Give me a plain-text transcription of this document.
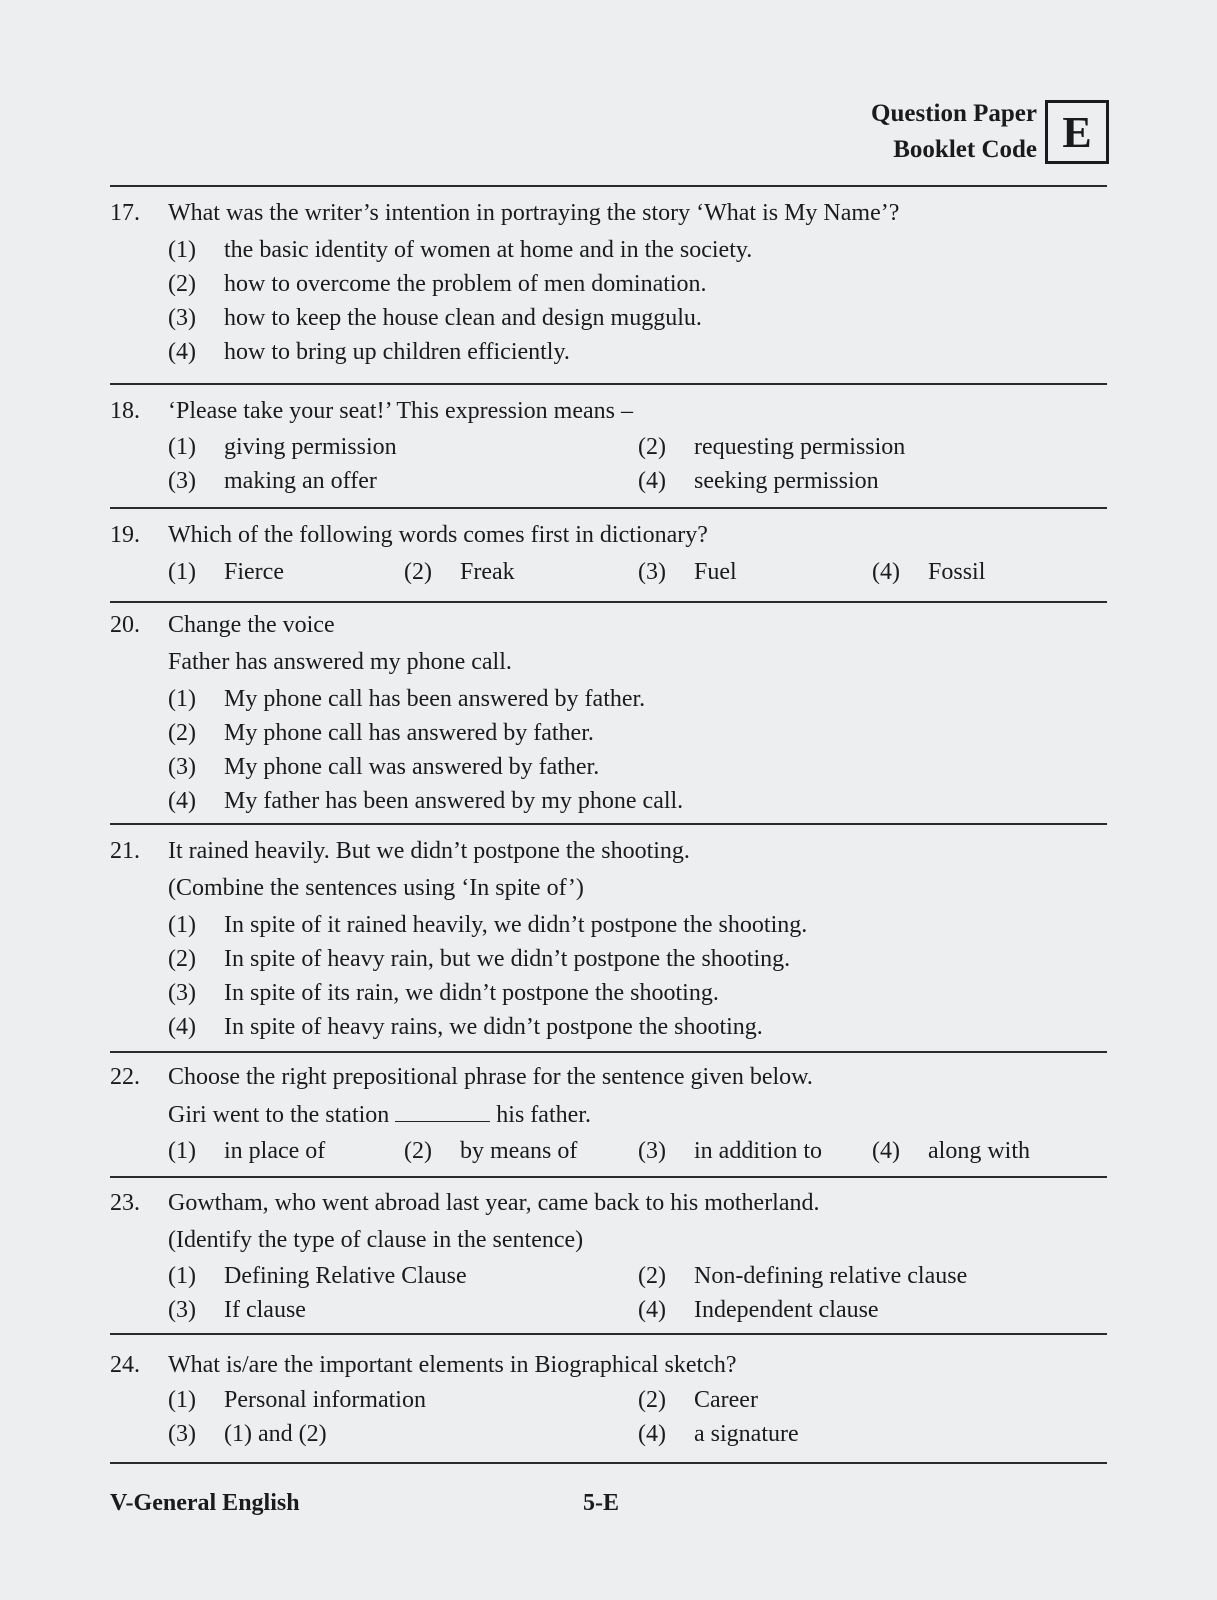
Question Paper
Booklet Code E
17. What was the writer’s intention in portraying the story ‘What is My Name’?
(1) the basic identity of women at home and in the society.
(2) how to overcome the problem of men domination.
(3) how to keep the house clean and design muggulu.
(4) how to bring up children efficiently.
18. ‘Please take your seat!’ This expression means –
(1) giving permission	(2) requesting permission
(3) making an offer	(4) seeking permission
19. Which of the following words comes first in dictionary?
(1) Fierce	(2) Freak	(3) Fuel	(4) Fossil
20. Change the voice
Father has answered my phone call.
(1) My phone call has been answered by father.
(2) My phone call has answered by father.
(3) My phone call was answered by father.
(4) My father has been answered by my phone call.
21. It rained heavily. But we didn’t postpone the shooting.
(Combine the sentences using ‘In spite of’)
(1) In spite of it rained heavily, we didn’t postpone the shooting.
(2) In spite of heavy rain, but we didn’t postpone the shooting.
(3) In spite of its rain, we didn’t postpone the shooting.
(4) In spite of heavy rains, we didn’t postpone the shooting.
22. Choose the right prepositional phrase for the sentence given below.
Giri went to the station	his father.
(1) in place of	(2) by means of	(3) in addition to (4) along with
23. Gowtham, who went abroad last year, came back to his motherland.
(Identify the type of clause in the sentence)
(1) Defining Relative Clause	(2) Non-defining relative clause
(3) If clause	(4) Independent clause
24. What is/are the important elements in Biographical sketch?
(1) Personal information	(2) Career
(3) (1) and (2)	(4) a signature
V-General English	5-E
